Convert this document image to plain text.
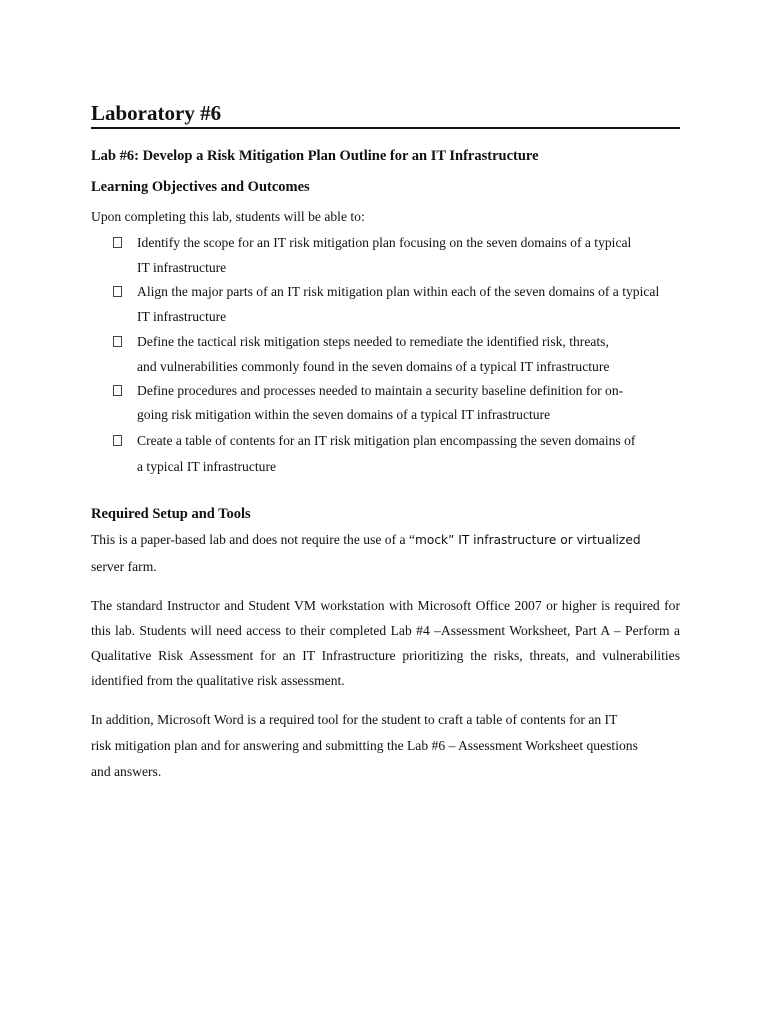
Laboratory #6
Lab #6: Develop a Risk Mitigation Plan Outline for an IT Infrastructure
Learning Objectives and Outcomes
Upon completing this lab, students will be able to:
Identify the scope for an IT risk mitigation plan focusing on the seven domains of a typical
IT infrastructure
Align the major parts of an IT risk mitigation plan within each of the seven domains of a typical
IT infrastructure
Define the tactical risk mitigation steps needed to remediate the identified risk, threats,
and vulnerabilities commonly found in the seven domains of a typical IT infrastructure
Define procedures and processes needed to maintain a security baseline definition for on-
going risk mitigation within the seven domains of a typical IT infrastructure
Create a table of contents for an IT risk mitigation plan encompassing the seven domains of
a typical IT infrastructure
Required Setup and Tools
This is a paper-based lab and does not require the use of a “mock” IT infrastructure or virtualized
server farm.
The standard Instructor and Student VM workstation with Microsoft Office 2007 or higher is required for
this lab. Students will need access to their completed Lab #4 –Assessment Worksheet, Part A – Perform a
Qualitative Risk Assessment for an IT Infrastructure prioritizing the risks, threats, and vulnerabilities
identified from the qualitative risk assessment.
In addition, Microsoft Word is a required tool for the student to craft a table of contents for an IT
risk mitigation plan and for answering and submitting the Lab #6 – Assessment Worksheet questions
and answers.
